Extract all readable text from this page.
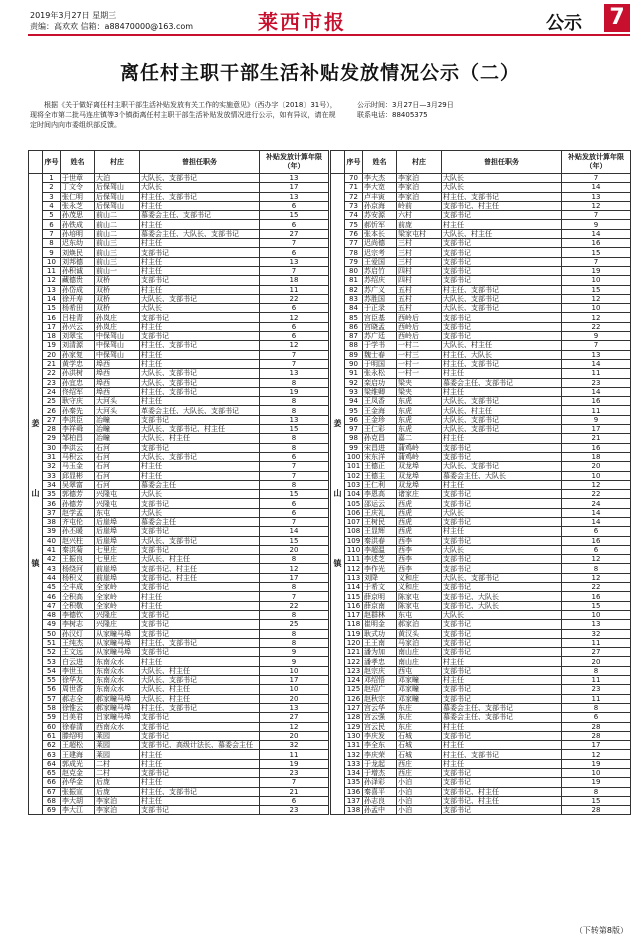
2019年3月27日 星期三
责编：高欢欢 信箱：a88470000@163.com	莱西市报	公示 7
离任村主职干部生活补贴发放情况公示（二）
根据《关于做好离任村主职干部生活补贴发放有关工作的实施意见》（西办字〔2018〕31号），现将全市第二批马连庄镇等3个镇街离任村主职干部生活补贴发放情况进行公示，如有异议，请在规定时间内向市委组织部反馈。
公示时间：3月27日—3月29日
联系电话：88405375
	序号	姓名	村庄	曾担任职务	补贴发放计算年限（年）

姜
山
镇	1	于世章	大泊	大队长、支部书记	13
	2	丁文令	后保驾山	大队长	17
	3	张仁明	后保驾山	村主任、支部书记	13
	4	张永芝	后保驾山	村主任	6
	5	孙茂思	前山二	慕委会主任、支部书记	15
	6	孙铁成	前山二	村主任	6
	7	孙培明	前山二	慕委会主任、大队长、支部书记	27
	8	迟东幼	前山三	村主任	7
	9	刘焕民	前山三	支部书记	6
	10	刘邦德	前山三	村主任	13
	11	孙积诚	前山一	村主任	7
	12	藏德贵	双桥	支部书记	18
	13	孙岱成	双桥	村主任	11
	14	徐开寿	双桥	大队长、支部书记	22
	15	杨希田	双桥	大队长	6
	16	吕桂青	孙岚庄	支部书记	12
	17	孙兴云	孙岚庄	村主任	6
	18	刘翠宝	中保驾山	支部书记	6
	19	刘清源	中保驾山	村主任、支部书记	12
	20	孙家复	中保驾山	村主任	7
	21	黄学忠	埠西	村主任	7
	22	孙洪树	埠西	大队长、支部书记	13
	23	孙宜忠	埠西	大队长、支部书记	8
	24	佟绍军	埠西	村主任、支部书记	19
	25	耿守庆	大河头	村主任	8
	26	孙秦先	大河头	革委会主任、大队长、支部书记	8
	27	李洪臣	冶疃	支部书记	13
	28	李祥舜	冶疃	大队长、支部书记、村主任	15
	29	邹柏昌	冶疃	大队长、村主任	8
	30	李洪云	石河	支部书记	8
	31	马积云	石河	大队长、支部书记	6
	32	马玉金	石河	村主任	7
	33	邱显彬	石河	村主任	7
	34	吴翠富	石河	慕委会主任	8
	35	郭德芳	兴隆屯	大队长	15
	36	孙德芳	兴隆屯	支部书记	6
	37	赵学孟	东屯	大队长	6
	38	齐屯伦	后崖埠	慕委会主任	7
	39	孙丕暖	后崖埠	支部书记	14
	40	赵兴柱	后崖埠	大队长、支部书记	15
	41	秦洪菊	七里庄	支部书记	20
	42	王振良	七里庄	大队长、村主任	8
	43	杨绕河	前崖埠	支部书记、村主任	12
	44	杨积义	前崖埠	支部书记、村主任	17
	45	仝丰成	全家岭	支部书记	8
	46	仝积高	全家岭	村主任	7
	47	仝积敬	全家岭	村主任	22
	48	李德钦	兴隆庄	支部书记	8
	49	李树志	兴隆庄	支部书记	25
	50	孙汉灯	从家疃马埠	支部书记	8
	51	王纯杰	从家疃马埠	村主任、支部书记	8
	52	王文远	从家疃马埠	支部书记	9
	53	白云进	东南众水	村主任	9
	54	李世玉	东南众水	大队长、村主任	10
	55	徐华友	东南众水	大队长、支部书记	17
	56	周世香	东南众水	大队长、村主任	10
	57	郝志全	郝家疃马埠	大队长、村主任	20
	58	徐惟云	郝家疃马埠	村主任、支部书记	13
	59	吕美君	吕家疃马埠	支部书记	27
	60	徐春清	西南众水	支部书记	12
	61	滕绍明	莱园	支部书记	20
	62	王超松	莱园	支部书记、高级计法长、慕委会主任	32
	63	王建海	莱园	村主任	11
	64	郭成光	二村	村主任	19
	65	赵克金	二村	支部书记	23
	66	孙华金	后庞	村主任	7
	67	张振宣	后庞	村主任、支部书记	21
	68	李大胡	李家泊	村主任	6
	69	李大江	李家泊	支部书记	23
	序号	姓名	村庄	曾担任职务	补贴发放计算年限（年）

姜
山
镇	70	李大杰	李家泊	大队长	7
	71	李大宽	李家泊	大队长	14
	72	卢丰寅	李家泊	村主任、支部书记	13
	73	孙京海	岭前	支部书记、村主任	12
	74	苏安源	六村	支部书记	7
	75	郝忻军	前庞	村主任	9
	76	张本长	梁家屯村	大队长、村主任	14
	77	迟尚德	三村	支部书记	16
	78	迟宗考	三村	支部书记	15
	79	王爱国	三村	支部书记	7
	80	苏启竹	四村	支部书记	19
	81	苏绍庆	四村	支部书记	10
	82	苏广义	五村	村主任、支部书记	15
	83	苏胜国	五村	大队长、支部书记	12
	84	于正录	五村	大队长、支部书记	10
	85	宫臣基	西岭后	支部书记	12
	86	宫晓孟	西岭后	支部书记	22
	87	苏广廷	西岭后	支部书记	9
	88	于学书	一村二	大队长、村主任	7
	89	魏士春	一村三	村主任、大队长	13
	90	于明国	一村一	村主任、支部书记	14
	91	张永松	一村一	村主任	11
	92	栾启功	梁夹	慕委会主任、支部书记	23
	93	梁维卿	梁夹	村主任	14
	94	王凤香	东虎	大队长、支部书记	16
	95	王金海	东虎	大队长、村主任	11
	96	王金珍	东虎	大队长、支部书记	9
	97	王仁彩	东虎	大队长、支部书记	17
	98	孙克昌	嘉二	村主任	21
	99	宋昌进	蒲鸡岭	支部书记	16
	100	宋东洋	蒲鸡岭	支部书记	18
	101	王德正	双龙埠	大队长、支部书记	20
	102	王德主	双龙埠	慕委会主任、大队长	10
	103	王仁利	双龙埠	村主任	12
	104	李恩高	诸家庄	支部书记	22
	105	邵运云	西虎	支部书记	24
	106	王庆礼	西虎	大队长	14
	107	王树民	西虎	支部书记	14
	108	王显辉	西虎	村主任	6
	109	秦洪春	西李	支部书记	16
	110	李超温	西李	大队长	6
	111	李述芝	西李	支部书记	12
	112	李作光	西李	支部书记	8
	113	刘降	义和庄	大队长、支部书记	12
	114	于希文	义和庄	支部书记	22
	115	薛京明	陈家屯	支部书记、大队长	16
	116	薛京南	陈家屯	支部书记、大队长	15
	117	赵群林	东屯	大队长	10
	118	崔明金	郝家泊	支部书记	13
	119	耿式功	黄汉头	支部书记	32
	120	王王南	马家泊	支部书记	11
	121	潘为加	南山庄	支部书记	27
	122	潘孝忠	南山庄	村主任	20
	123	赵宗庆	西屯	支部书记	8
	124	邓绍悟	邓家疃	村主任	11
	125	赵绍广	邓家疃	支部书记	23
	126	赵秋宗	邓家疃	支部书记	11
	127	宫云华	东庄	慕委会主任、支部书记	8
	128	宫云强	东庄	慕委会主任、支部书记	6
	129	宫云民	东庄	村主任	28
	130	李庆发	石城	支部书记	28
	131	李全东	石城	村主任	17
	132	李庆荣	石城	村主任、支部书记	12
	133	于龙起	西庄	村主任	19
	134	于增杰	西庄	支部书记	10
	135	孙泽彩	小泊	支部书记	19
	136	秦喜平	小泊	支部书记、村主任	8
	137	孙志良	小泊	支部书记、村主任	15
	138	孙孟中	小泊	支部书记	28
（下转第8版）
